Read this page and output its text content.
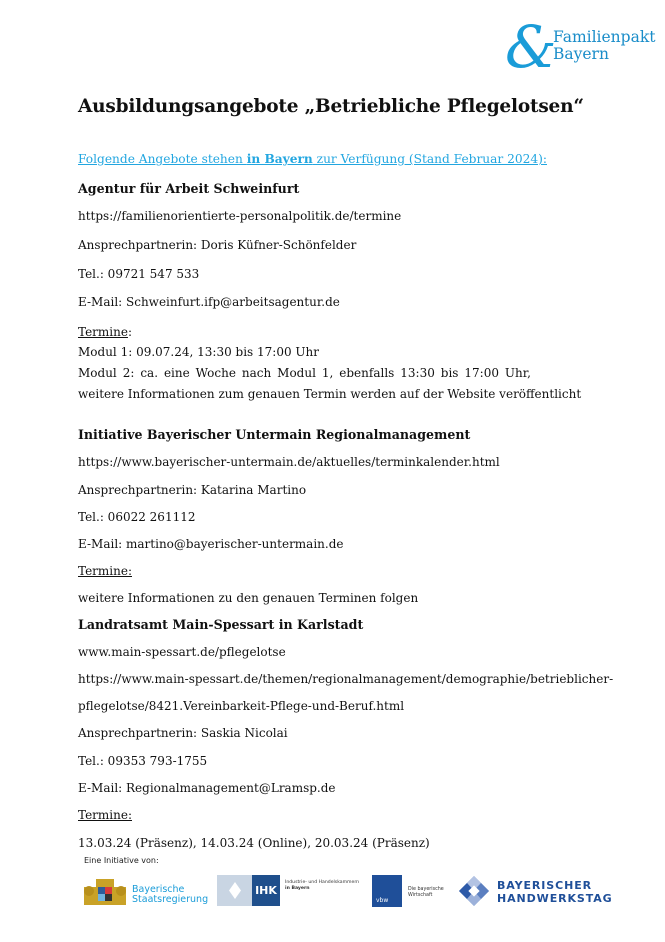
&
Familienpakt
Bayern
Ausbildungsangebote „Betriebliche Pflegelotsen“
Folgende Angebote stehen in Bayern zur Verfügung (Stand Februar 2024):
Agentur für Arbeit Schweinfurt
https://familienorientierte-personalpolitik.de/termine
Ansprechpartnerin: Doris Küfner-Schönfelder
Tel.: 09721 547 533
E-Mail: Schweinfurt.ifp@arbeitsagentur.de
Termine:
Modul 1: 09.07.24, 13:30 bis 17:00 Uhr
Modul 2: ca. eine Woche nach Modul 1, ebenfalls 13:30 bis 17:00 Uhr,
weitere Informationen zum genauen Termin werden auf der Website veröffentlicht
Initiative Bayerischer Untermain Regionalmanagement
https://www.bayerischer-untermain.de/aktuelles/terminkalender.html
Ansprechpartnerin: Katarina Martino
Tel.: 06022 261112
E-Mail: martino@bayerischer-untermain.de
Termine:
weitere Informationen zu den genauen Terminen folgen
Landratsamt Main-Spessart in Karlstadt
www.main-spessart.de/pflegelotse
https://www.main-spessart.de/themen/regionalmanagement/demographie/betrieblicher-
pflegelotse/8421.Vereinbarkeit-Pflege-und-Beruf.html
Ansprechpartnerin: Saskia Nicolai
Tel.: 09353 793-1755
E-Mail: Regionalmanagement@Lramsp.de
Termine:
13.03.24 (Präsenz), 14.03.24 (Online), 20.03.24 (Präsenz)
Eine Initiative von:
Bayerische
Staatsregierung
IHK
Industrie- und Handelskammern
in Bayern
vbw
Die bayerische
Wirtschaft
BAYERISCHER
HANDWERKSTAG
